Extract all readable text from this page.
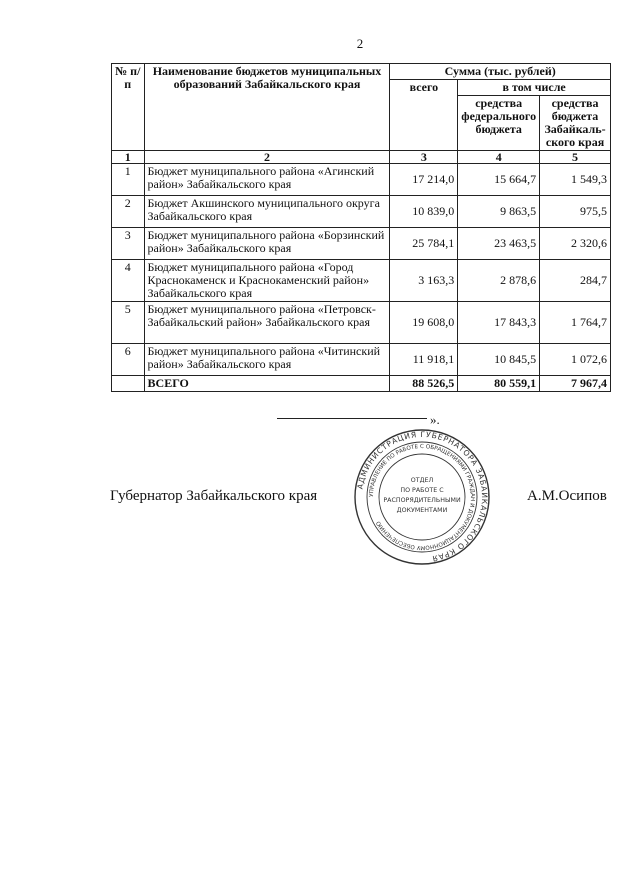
2
№ п/п	Наименование бюджетов муниципальных образований Забайкальского края	Сумма (тыс. рублей)		
		всего	в том числе	
			средства федерального бюджета	средства бюджета Забайкаль-ского края
1	2	3	4	5
1	Бюджет муниципального района «Агинский район» Забайкальского края	17 214,0	15 664,7	1 549,3
2	Бюджет Акшинского муниципального округа Забайкальского края	10 839,0	9 863,5	975,5
3	Бюджет муниципального района «Борзинский район» Забайкальского края	25 784,1	23 463,5	2 320,6
4	Бюджет муниципального района «Город Краснокаменск и Краснокаменский район» Забайкальского края	3 163,3	2 878,6	284,7
5	Бюджет муниципального района «Петровск-Забайкальский район» Забайкальского края	19 608,0	17 843,3	1 764,7
6	Бюджет муниципального района «Читинский район» Забайкальского края	11 918,1	10 845,5	1 072,6
	ВСЕГО	88 526,5	80 559,1	7 967,4
».
Губернатор Забайкальского края	А.М.Осипов
АДМИНИСТРАЦИЯ ГУБЕРНАТОРА ЗАБАЙКАЛЬСКОГО КРАЯ
УПРАВЛЕНИЕ ПО РАБОТЕ С ОБРАЩЕНИЯМИ ГРАЖДАН И ДОКУМЕНТАЦИОННОМУ ОБЕСПЕЧЕНИЮ
ОТДЕЛ
ПО РАБОТЕ С
РАСПОРЯДИТЕЛЬНЫМИ
ДОКУМЕНТАМИ
